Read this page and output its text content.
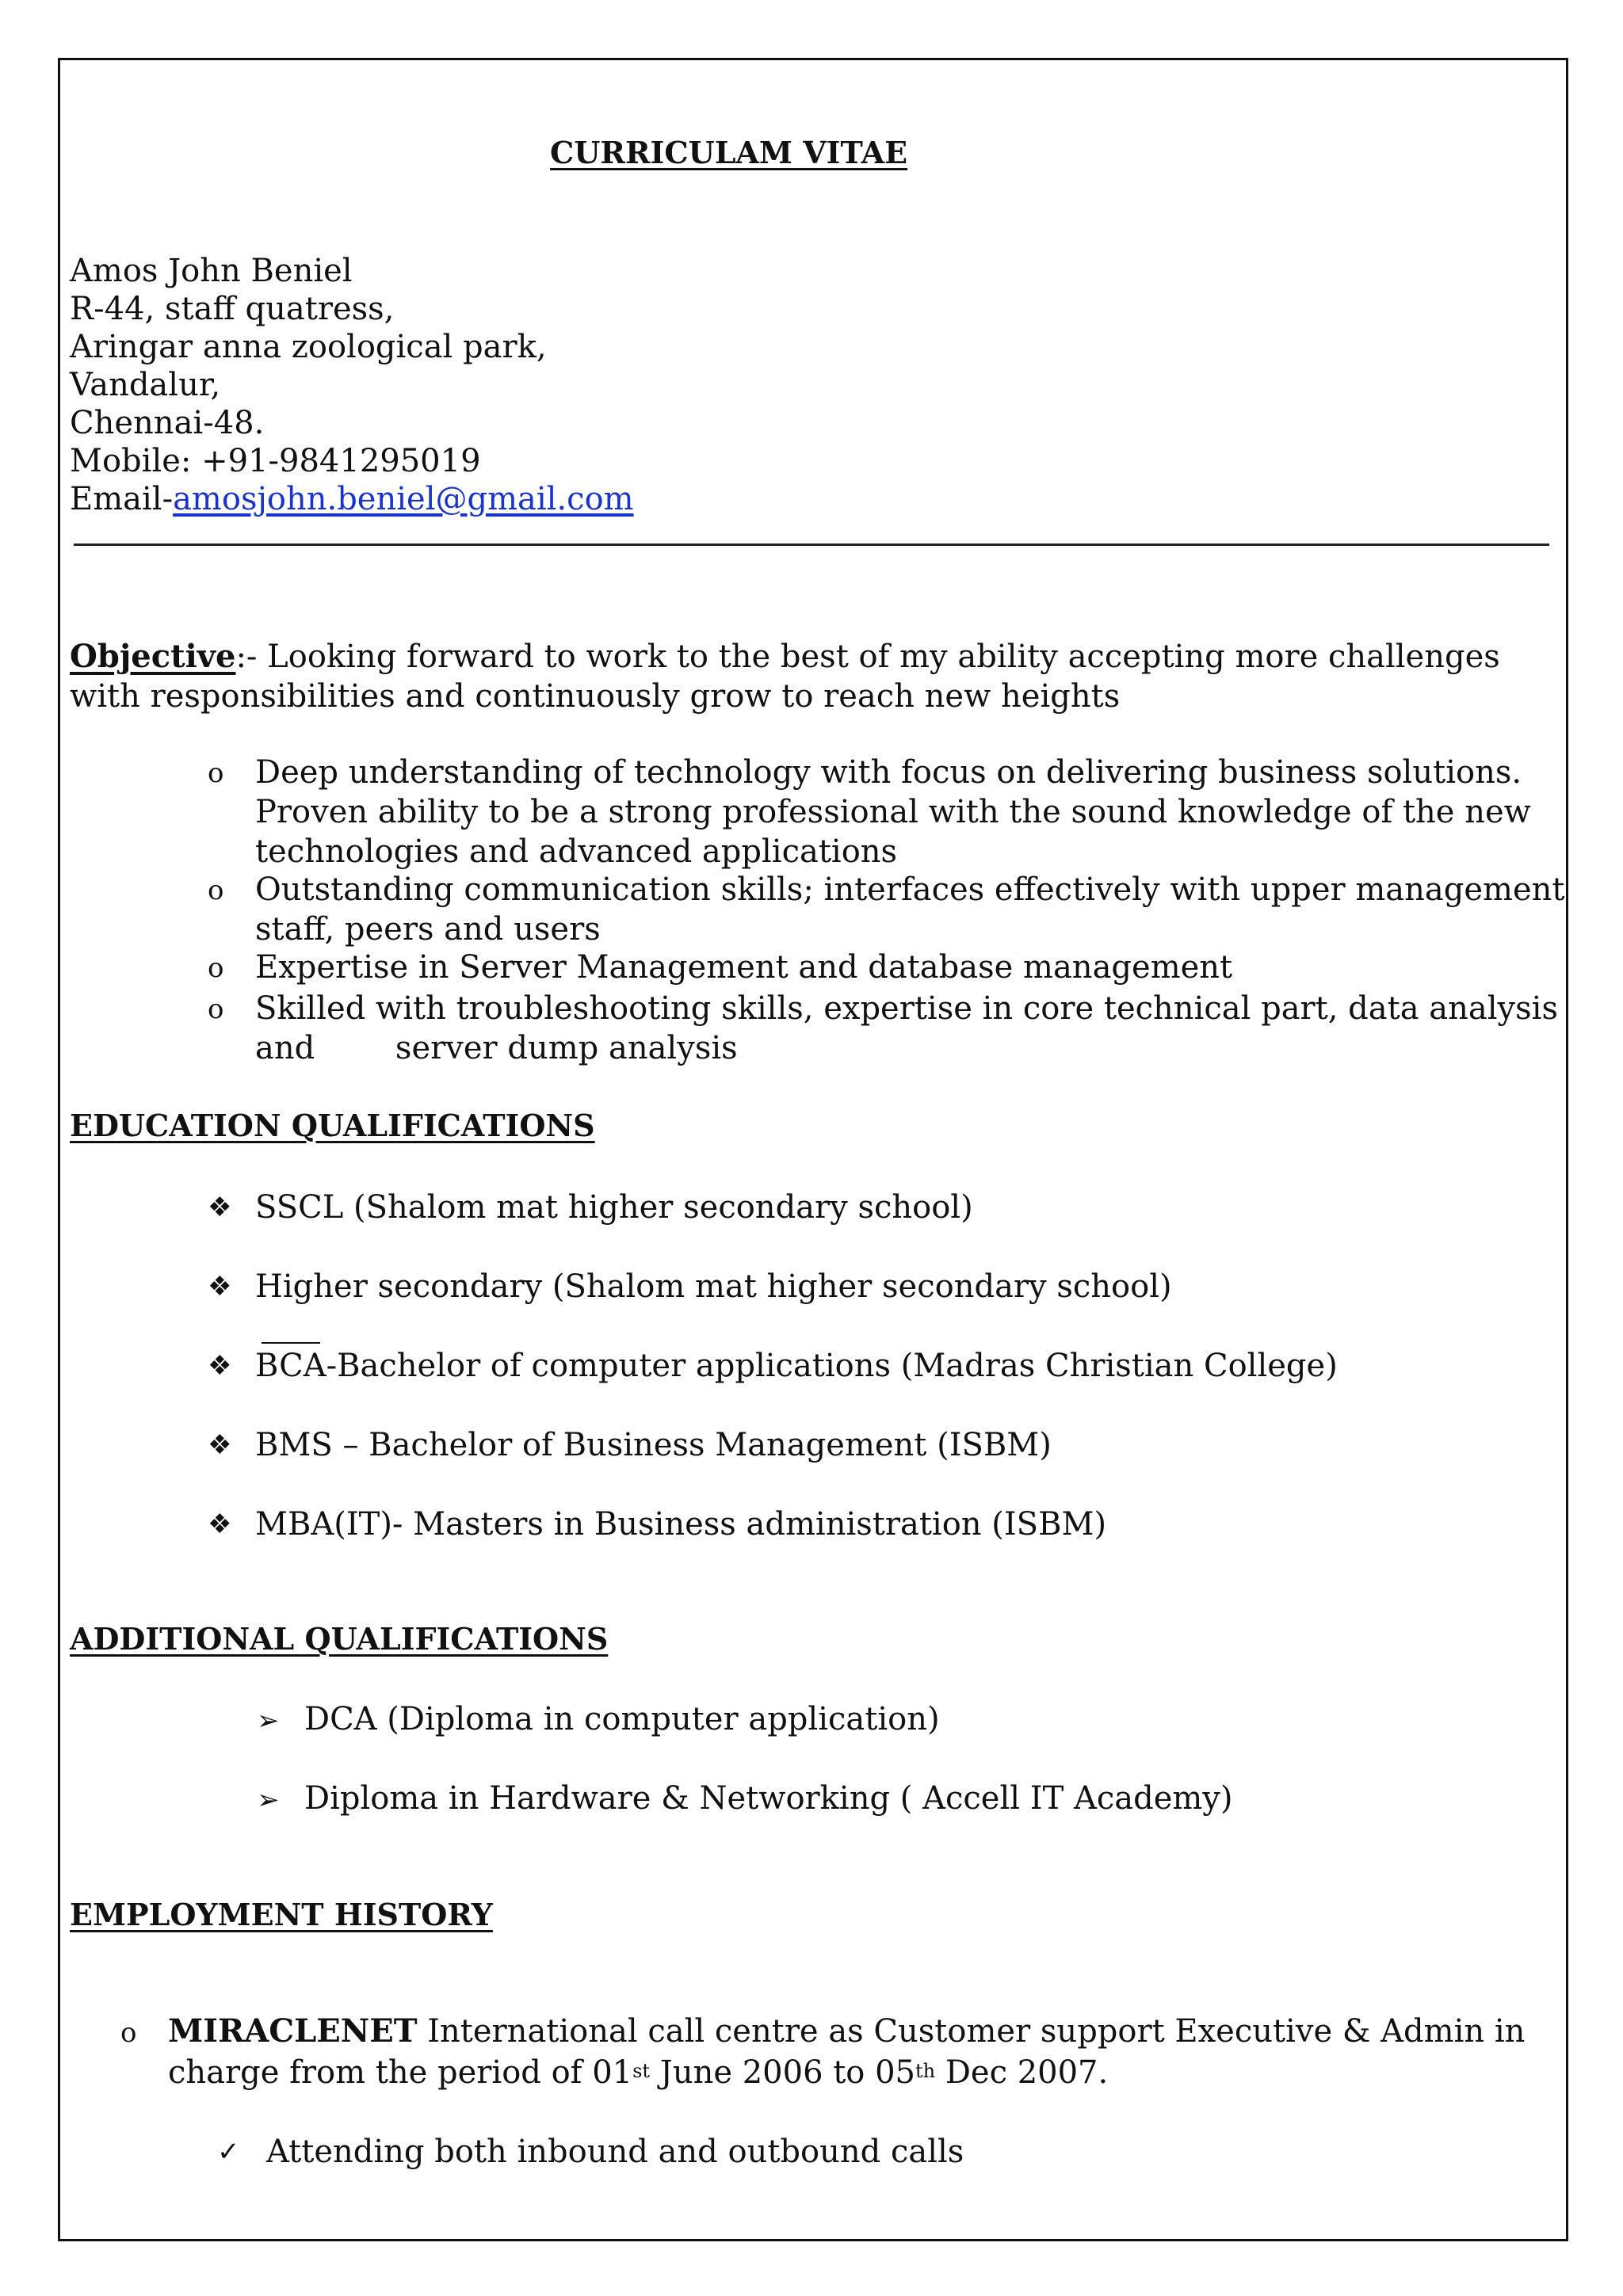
CURRICULAM VITAE
Amos John Beniel
R-44, staff quatress,
Aringar anna zoological park,
Vandalur,
Chennai-48.
Mobile: +91-9841295019
Email-amosjohn.beniel@gmail.com
Objective:- Looking forward to work to the best of my ability accepting more challenges with responsibilities and continuously grow to reach new heights
o Deep understanding of technology with focus on delivering business solutions. Proven ability to be a strong professional with the sound knowledge of the new technologies and advanced applications
o Outstanding communication skills; interfaces effectively with upper management staff, peers and users
o Expertise in Server Management and database management
o Skilled with troubleshooting skills, expertise in core technical part, data analysis and        server dump analysis
EDUCATION QUALIFICATIONS
❖ SSCL (Shalom mat higher secondary school)
❖ Higher secondary (Shalom mat higher secondary school)
❖ BCA-Bachelor of computer applications (Madras Christian College)
❖ BMS – Bachelor of Business Management (ISBM)
❖ MBA(IT)- Masters in Business administration (ISBM)
ADDITIONAL QUALIFICATIONS
➢ DCA (Diploma in computer application)
➢ Diploma in Hardware & Networking ( Accell IT Academy)
EMPLOYMENT HISTORY
o MIRACLENET International call centre as Customer support Executive & Admin in
charge from the period of 01st June 2006 to 05th Dec 2007.
✓ Attending both inbound and outbound calls
